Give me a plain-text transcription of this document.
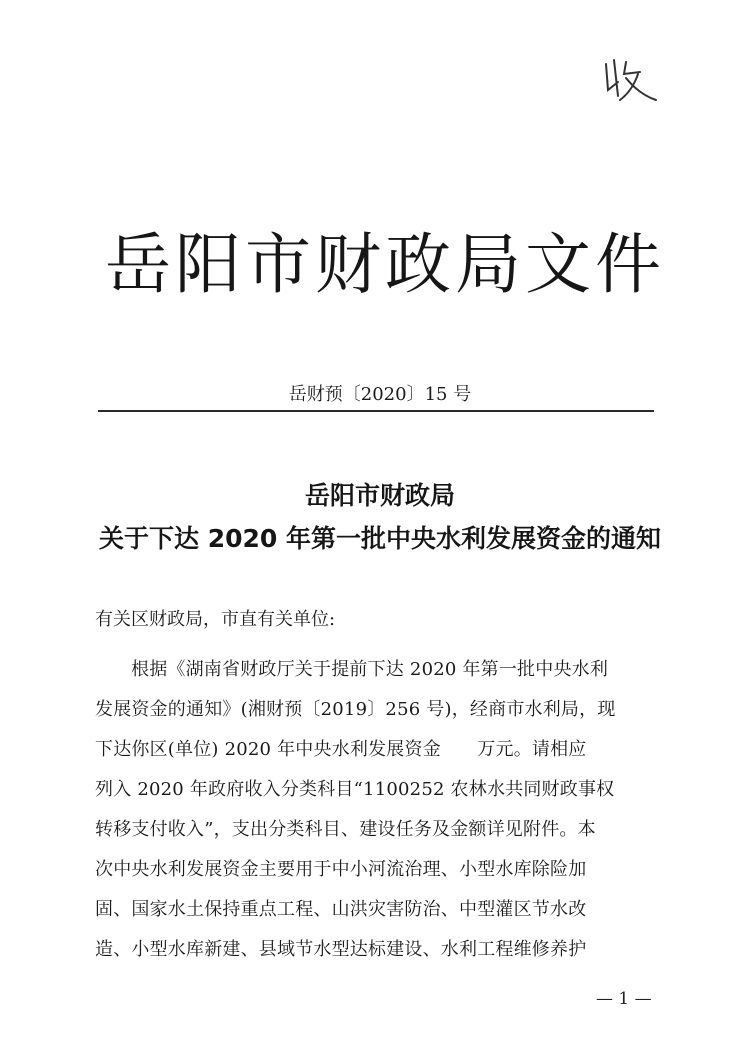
岳阳市财政局文件
岳财预〔2020〕15 号
岳阳市财政局
关于下达 2020 年第一批中央水利发展资金的通知
有关区财政局，市直有关单位:
根据《湖南省财政厅关于提前下达 2020 年第一批中央水利
发展资金的通知》(湘财预〔2019〕256 号)，经商市水利局，现
下达你区(单位) 2020 年中央水利发展资金　　万元。请相应
列入 2020 年政府收入分类科目“1100252 农林水共同财政事权
转移支付收入”，支出分类科目、建设任务及金额详见附件。本
次中央水利发展资金主要用于中小河流治理、小型水库除险加
固、国家水土保持重点工程、山洪灾害防治、中型灌区节水改
造、小型水库新建、县域节水型达标建设、水利工程维修养护
— 1 —
